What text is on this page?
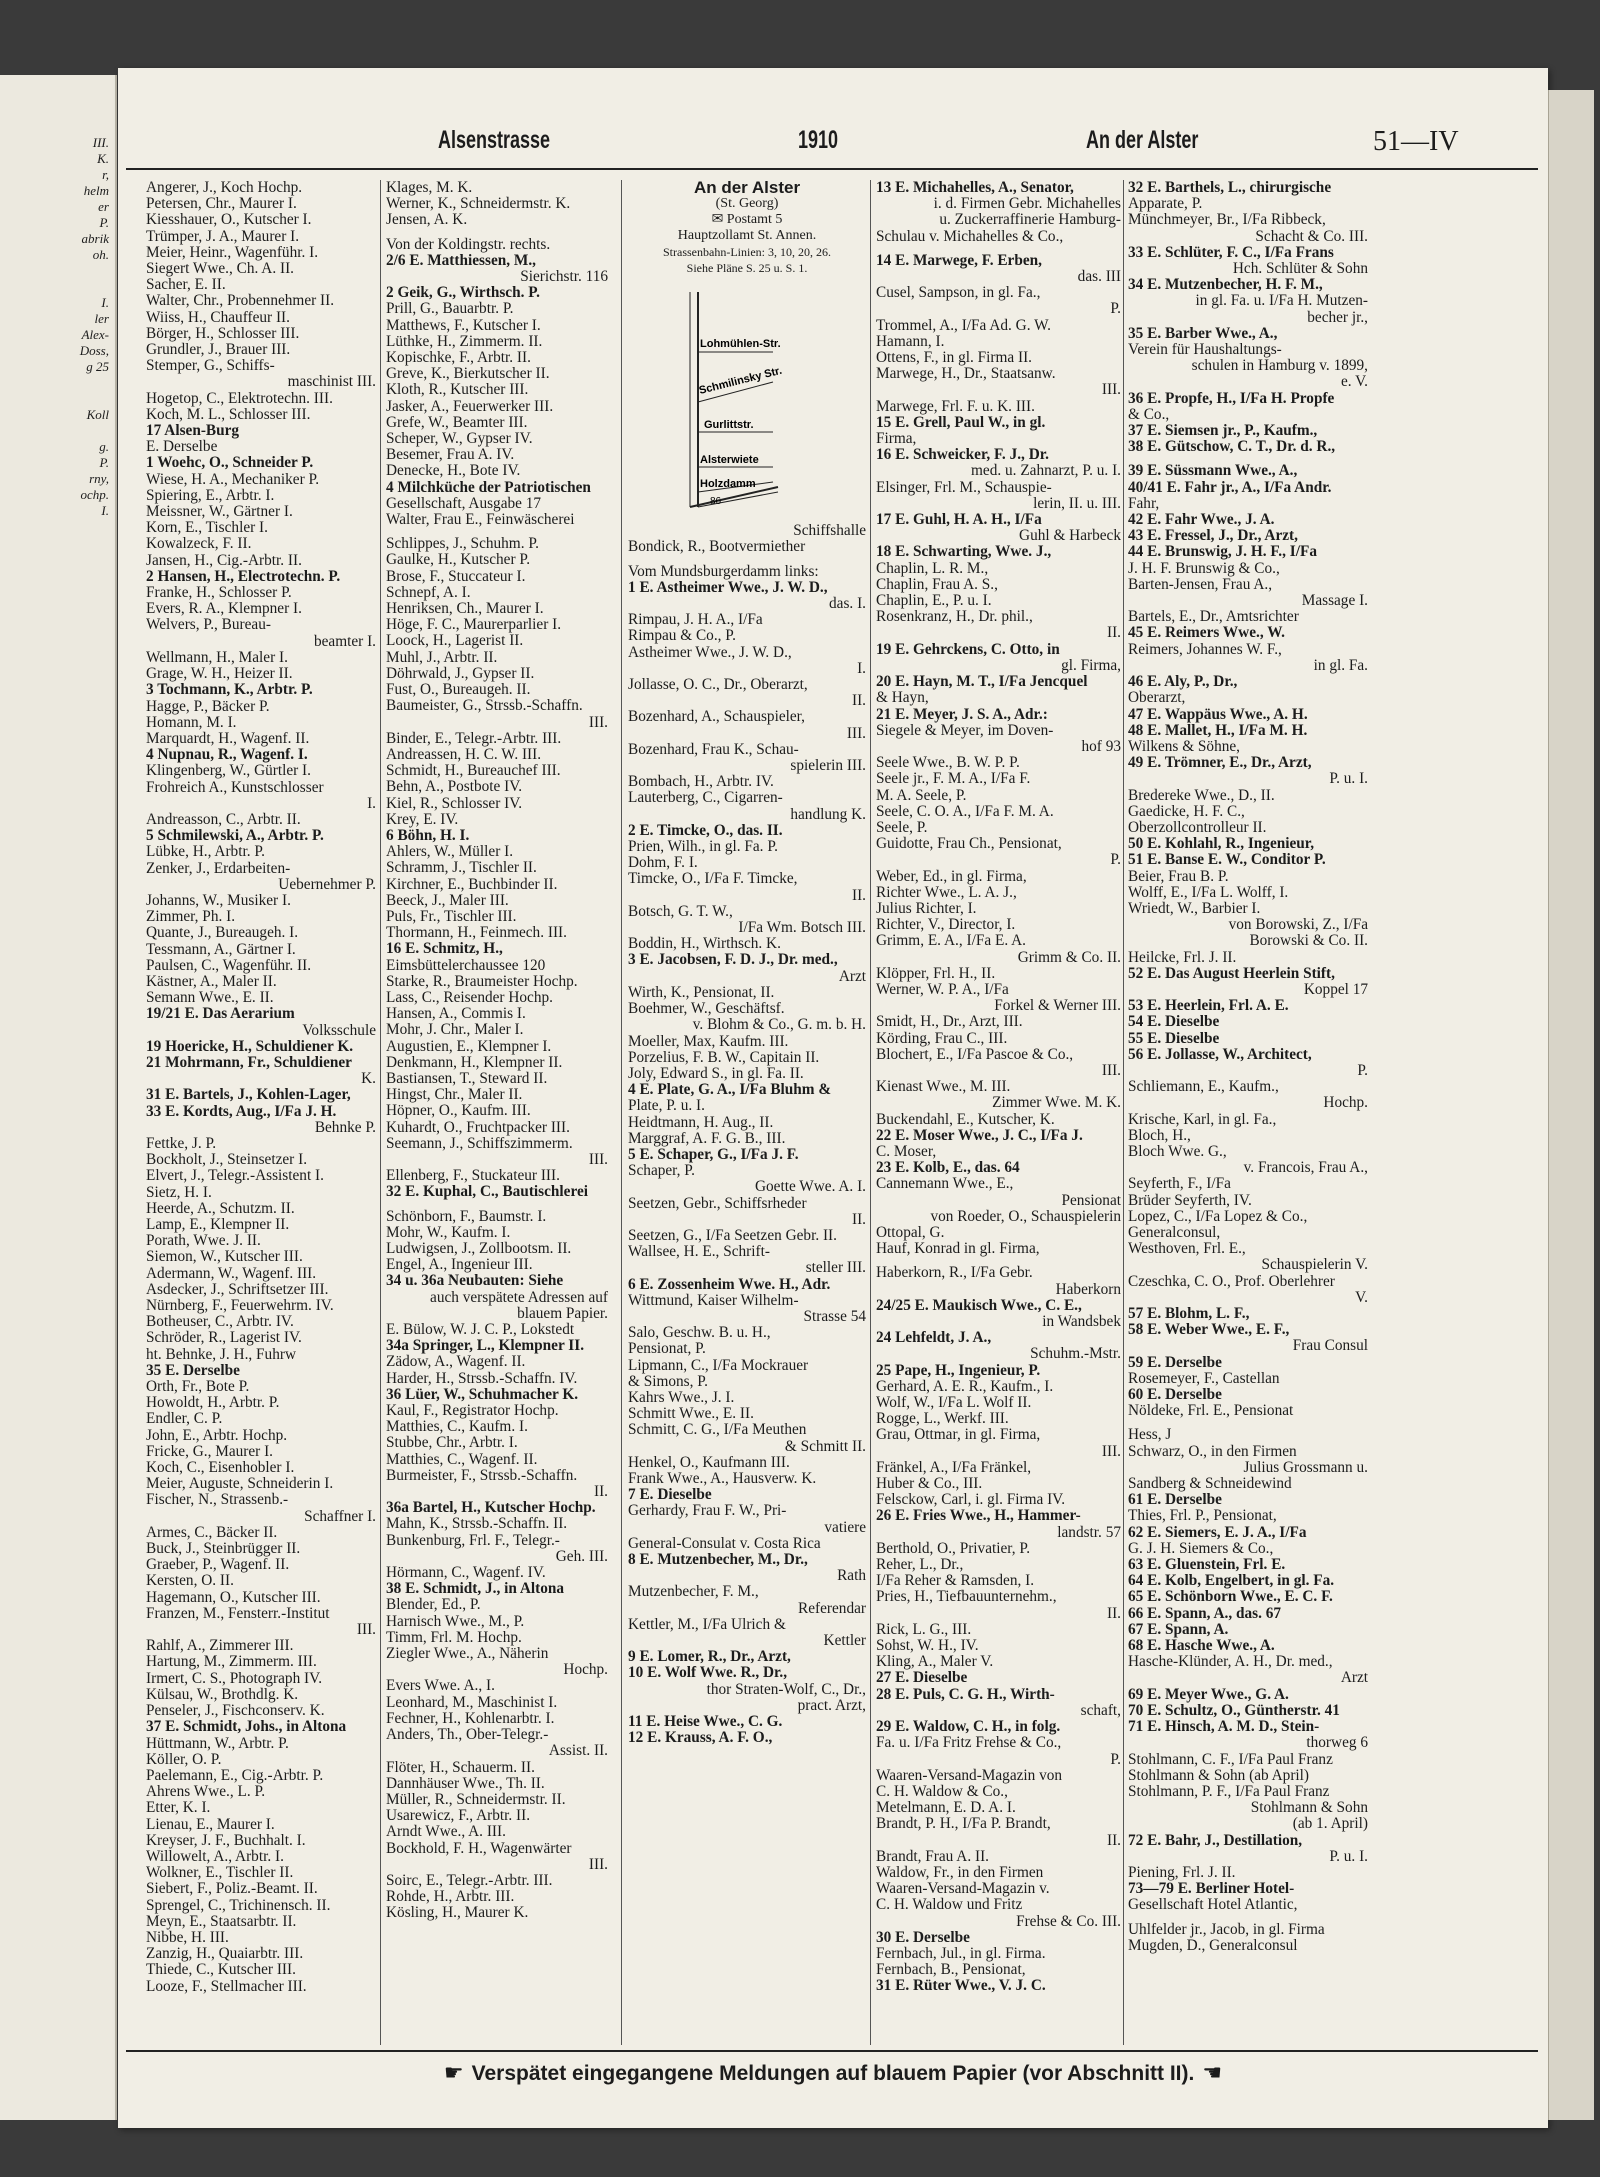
III.
K.
r,
helm
er
P.
abrik
oh.

I.
ler
Alex-
Doss,
g 25

Koll

g.
P.
rny,
ochp.
I.
Alsenstrasse	1910	An der Alster	51—IV
Angerer, J., Koch Hochp.
Petersen, Chr., Maurer I.
Kiesshauer, O., Kutscher I.
Trümper, J. A., Maurer I.
Meier, Heinr., Wagenführ. I.
Siegert Wwe., Ch. A. II.
Sacher, E. II.
Walter, Chr., Probennehmer II.
Wiiss, H., Chauffeur II.
Börger, H., Schlosser III.
Grundler, J., Brauer III.
Stemper, G., Schiffs-
maschinist III.
Hogetop, C., Elektrotechn. III.
Koch, M. L., Schlosser III.
17 Alsen-Burg
E. Derselbe
1 Woehc, O., Schneider P.
Wiese, H. A., Mechaniker P.
Spiering, E., Arbtr. I.
Meissner, W., Gärtner I.
Korn, E., Tischler I.
Kowalzeck, F. II.
Jansen, H., Cig.-Arbtr. II.
2 Hansen, H., Electrotechn. P.
Franke, H., Schlosser P.
Evers, R. A., Klempner I.
Welvers, P., Bureau-
beamter I.
Wellmann, H., Maler I.
Grage, W. H., Heizer II.
3 Tochmann, K., Arbtr. P.
Hagge, P., Bäcker P.
Homann, M. I.
Marquardt, H., Wagenf. II.
4 Nupnau, R., Wagenf. I.
Klingenberg, W., Gürtler I.
Frohreich A., Kunstschlosser
I.
Andreasson, C., Arbtr. II.
5 Schmilewski, A., Arbtr. P.
Lübke, H., Arbtr. P.
Zenker, J., Erdarbeiten-
Uebernehmer P.
Johanns, W., Musiker I.
Zimmer, Ph. I.
Quante, J., Bureaugeh. I.
Tessmann, A., Gärtner I.
Paulsen, C., Wagenführ. II.
Kästner, A., Maler II.
Semann Wwe., E. II.
19/21 E. Das Aerarium
Volksschule
19 Hoericke, H., Schuldiener K.
21 Mohrmann, Fr., Schuldiener
K.
31 E. Bartels, J., Kohlen-Lager,
33 E. Kordts, Aug., I/Fa J. H.
Behnke P.
Fettke, J. P.
Bockholt, J., Steinsetzer I.
Elvert, J., Telegr.-Assistent I.
Sietz, H. I.
Heerde, A., Schutzm. II.
Lamp, E., Klempner II.
Porath, Wwe. J. II.
Siemon, W., Kutscher III.
Adermann, W., Wagenf. III.
Asdecker, J., Schriftsetzer III.
Nürnberg, F., Feuerwehrm. IV.
Botheuser, C., Arbtr. IV.
Schröder, R., Lagerist IV.
ht. Behnke, J. H., Fuhrw
35 E. Derselbe
Orth, Fr., Bote P.
Howoldt, H., Arbtr. P.
Endler, C. P.
John, E., Arbtr. Hochp.
Fricke, G., Maurer I.
Koch, C., Eisenhobler I.
Meier, Auguste, Schneiderin I.
Fischer, N., Strassenb.-
Schaffner I.
Armes, C., Bäcker II.
Buck, J., Steinbrügger II.
Graeber, P., Wagenf. II.
Kersten, O. II.
Hagemann, O., Kutscher III.
Franzen, M., Fensterr.-Institut
III.
Rahlf, A., Zimmerer III.
Hartung, M., Zimmerm. III.
Irmert, C. S., Photograph IV.
Külsau, W., Brothdlg. K.
Penseler, J., Fischconserv. K.
37 E. Schmidt, Johs., in Altona
Hüttmann, W., Arbtr. P.
Köller, O. P.
Paelemann, E., Cig.-Arbtr. P.
Ahrens Wwe., L. P.
Etter, K. I.
Lienau, E., Maurer I.
Kreyser, J. F., Buchhalt. I.
Willowelt, A., Arbtr. I.
Wolkner, E., Tischler II.
Siebert, F., Poliz.-Beamt. II.
Sprengel, C., Trichinensch. II.
Meyn, E., Staatsarbtr. II.
Nibbe, H. III.
Zanzig, H., Quaiarbtr. III.
Thiede, C., Kutscher III.
Looze, F., Stellmacher III.
Klages, M. K.
Werner, K., Schneidermstr. K.
Jensen, A. K.
Von der Koldingstr. rechts.
2/6 E. Matthiessen, M.,
Sierichstr. 116
2 Geik, G., Wirthsch. P.
Prill, G., Bauarbtr. P.
Matthews, F., Kutscher I.
Lüthke, H., Zimmerm. II.
Kopischke, F., Arbtr. II.
Greve, K., Bierkutscher II.
Kloth, R., Kutscher III.
Jasker, A., Feuerwerker III.
Grefe, W., Beamter III.
Scheper, W., Gypser IV.
Besemer, Frau A. IV.
Denecke, H., Bote IV.
4 Milchküche der Patriotischen
Gesellschaft, Ausgabe 17
Walter, Frau E., Feinwäscherei
Schlippes, J., Schuhm. P.
Gaulke, H., Kutscher P.
Brose, F., Stuccateur I.
Schnepf, A. I.
Henriksen, Ch., Maurer I.
Höge, F. C., Maurerparlier I.
Loock, H., Lagerist II.
Muhl, J., Arbtr. II.
Döhrwald, J., Gypser II.
Fust, O., Bureaugeh. II.
Baumeister, G., Strssb.-Schaffn.
III.
Binder, E., Telegr.-Arbtr. III.
Andreassen, H. C. W. III.
Schmidt, H., Bureauchef III.
Behn, A., Postbote IV.
Kiel, R., Schlosser IV.
Krey, E. IV.
6 Böhn, H. I.
Ahlers, W., Müller I.
Schramm, J., Tischler II.
Kirchner, E., Buchbinder II.
Beeck, J., Maler III.
Puls, Fr., Tischler III.
Thormann, H., Feinmech. III.
16 E. Schmitz, H.,
Eimsbüttelerchaussee 120
Starke, R., Braumeister Hochp.
Lass, C., Reisender Hochp.
Hansen, A., Commis I.
Mohr, J. Chr., Maler I.
Augustien, E., Klempner I.
Denkmann, H., Klempner II.
Bastiansen, T., Steward II.
Hingst, Chr., Maler II.
Höpner, O., Kaufm. III.
Kuhardt, O., Fruchtpacker III.
Seemann, J., Schiffszimmerm.
III.
Ellenberg, F., Stuckateur III.
32 E. Kuphal, C., Bautischlerei
Schönborn, F., Baumstr. I.
Mohr, W., Kaufm. I.
Ludwigsen, J., Zollbootsm. II.
Engel, A., Ingenieur III.
34 u. 36a Neubauten: Siehe
auch verspätete Adressen auf
blauem Papier.
E. Bülow, W. J. C. P., Lokstedt
34a Springer, L., Klempner II.
Zädow, A., Wagenf. II.
Harder, H., Strssb.-Schaffn. IV.
36 Lüer, W., Schuhmacher K.
Kaul, F., Registrator Hochp.
Matthies, C., Kaufm. I.
Stubbe, Chr., Arbtr. I.
Matthies, C., Wagenf. II.
Burmeister, F., Strssb.-Schaffn.
II.
36a Bartel, H., Kutscher Hochp.
Mahn, K., Strssb.-Schaffn. II.
Bunkenburg, Frl. F., Telegr.-
Geh. III.
Hörmann, C., Wagenf. IV.
38 E. Schmidt, J., in Altona
Blender, Ed., P.
Harnisch Wwe., M., P.
Timm, Frl. M. Hochp.
Ziegler Wwe., A., Näherin
Hochp.
Evers Wwe. A., I.
Leonhard, M., Maschinist I.
Fechner, H., Kohlenarbtr. I.
Anders, Th., Ober-Telegr.-
Assist. II.
Flöter, H., Schauerm. II.
Dannhäuser Wwe., Th. II.
Müller, R., Schneidermstr. II.
Usarewicz, F., Arbtr. II.
Arndt Wwe., A. III.
Bockhold, F. H., Wagenwärter
III.
Soirc, E., Telegr.-Arbtr. III.
Rohde, H., Arbtr. III.
Kösling, H., Maurer K.
An der Alster
(St. Georg)
✉ Postamt 5
Hauptzollamt St. Annen.
Strassenbahn-Linien: 3, 10, 20, 26.
Siehe Pläne S. 25 u. S. 1.
Lohmühlen-Str.
Schmilinsky Str.
Gurlittstr.
Alsterwiete
Holzdamm
86
Schiffshalle
Bondick, R., Bootvermiether
Vom Mundsburgerdamm links:
1 E. Astheimer Wwe., J. W. D.,
das. I.
Rimpau, J. H. A., I/Fa
Rimpau & Co., P.
Astheimer Wwe., J. W. D.,
I.
Jollasse, O. C., Dr., Oberarzt,
II.
Bozenhard, A., Schauspieler,
III.
Bozenhard, Frau K., Schau-
spielerin III.
Bombach, H., Arbtr. IV.
Lauterberg, C., Cigarren-
handlung K.
2 E. Timcke, O., das. II.
Prien, Wilh., in gl. Fa. P.
Dohm, F. I.
Timcke, O., I/Fa F. Timcke,
II.
Botsch, G. T. W.,
I/Fa Wm. Botsch III.
Boddin, H., Wirthsch. K.
3 E. Jacobsen, F. D. J., Dr. med.,
Arzt
Wirth, K., Pensionat, II.
Boehmer, W., Geschäftsf.
v. Blohm & Co., G. m. b. H.
Moeller, Max, Kaufm. III.
Porzelius, F. B. W., Capitain II.
Joly, Edward S., in gl. Fa. II.
4 E. Plate, G. A., I/Fa Bluhm &
Plate, P. u. I.
Heidtmann, H. Aug., II.
Marggraf, A. F. G. B., III.
5 E. Schaper, G., I/Fa J. F.
Schaper, P.
Goette Wwe. A. I.
Seetzen, Gebr., Schiffsrheder
II.
Seetzen, G., I/Fa Seetzen Gebr. II.
Wallsee, H. E., Schrift-
steller III.
6 E. Zossenheim Wwe. H., Adr.
Wittmund, Kaiser Wilhelm-
Strasse 54
Salo, Geschw. B. u. H.,
Pensionat, P.
Lipmann, C., I/Fa Mockrauer
& Simons, P.
Kahrs Wwe., J. I.
Schmitt Wwe., E. II.
Schmitt, C. G., I/Fa Meuthen
& Schmitt II.
Henkel, O., Kaufmann III.
Frank Wwe., A., Hausverw. K.
7 E. Dieselbe
Gerhardy, Frau F. W., Pri-
vatiere
General-Consulat v. Costa Rica
8 E. Mutzenbecher, M., Dr.,
Rath
Mutzenbecher, F. M.,
Referendar
Kettler, M., I/Fa Ulrich &
Kettler
9 E. Lomer, R., Dr., Arzt,
10 E. Wolf Wwe. R., Dr.,
thor Straten-Wolf, C., Dr.,
pract. Arzt,
11 E. Heise Wwe., C. G.
12 E. Krauss, A. F. O.,
13 E. Michahelles, A., Senator,
i. d. Firmen Gebr. Michahelles
u. Zuckerraffinerie Hamburg-
Schulau v. Michahelles & Co.,
14 E. Marwege, F. Erben,
das. III
Cusel, Sampson, in gl. Fa.,
P.
Trommel, A., I/Fa Ad. G. W.
Hamann, I.
Ottens, F., in gl. Firma II.
Marwege, H., Dr., Staatsanw.
III.
Marwege, Frl. F. u. K. III.
15 E. Grell, Paul W., in gl.
Firma,
16 E. Schweicker, F. J., Dr.
med. u. Zahnarzt, P. u. I.
Elsinger, Frl. M., Schauspie-
lerin, II. u. III.
17 E. Guhl, H. A. H., I/Fa
Guhl & Harbeck
18 E. Schwarting, Wwe. J.,
Chaplin, L. R. M.,
Chaplin, Frau A. S.,
Chaplin, E., P. u. I.
Rosenkranz, H., Dr. phil.,
II.
19 E. Gehrckens, C. Otto, in
gl. Firma,
20 E. Hayn, M. T., I/Fa Jencquel
& Hayn,
21 E. Meyer, J. S. A., Adr.:
Siegele & Meyer, im Doven-
hof 93
Seele Wwe., B. W. P. P.
Seele jr., F. M. A., I/Fa F.
M. A. Seele, P.
Seele, C. O. A., I/Fa F. M. A.
Seele, P.
Guidotte, Frau Ch., Pensionat,
P.
Weber, Ed., in gl. Firma,
Richter Wwe., L. A. J.,
Julius Richter, I.
Richter, V., Director, I.
Grimm, E. A., I/Fa E. A.
Grimm & Co. II.
Klöpper, Frl. H., II.
Werner, W. P. A., I/Fa
Forkel & Werner III.
Smidt, H., Dr., Arzt, III.
Körding, Frau C., III.
Blochert, E., I/Fa Pascoe & Co.,
III.
Kienast Wwe., M. III.
Zimmer Wwe. M. K.
Buckendahl, E., Kutscher, K.
22 E. Moser Wwe., J. C., I/Fa J.
C. Moser,
23 E. Kolb, E., das. 64
Cannemann Wwe., E.,
Pensionat
von Roeder, O., Schauspielerin
Ottopal, G.
Hauf, Konrad in gl. Firma,
Haberkorn, R., I/Fa Gebr.
Haberkorn
24/25 E. Maukisch Wwe., C. E.,
in Wandsbek
24 Lehfeldt, J. A.,
Schuhm.-Mstr.
25 Pape, H., Ingenieur, P.
Gerhard, A. E. R., Kaufm., I.
Wolf, W., I/Fa L. Wolf II.
Rogge, L., Werkf. III.
Grau, Ottmar, in gl. Firma,
III.
Fränkel, A., I/Fa Fränkel,
Huber & Co., III.
Felsckow, Carl, i. gl. Firma IV.
26 E. Fries Wwe., H., Hammer-
landstr. 57
Berthold, O., Privatier, P.
Reher, L., Dr.,
I/Fa Reher & Ramsden, I.
Pries, H., Tiefbauunternehm.,
II.
Rick, L. G., III.
Sohst, W. H., IV.
Kling, A., Maler V.
27 E. Dieselbe
28 E. Puls, C. G. H., Wirth-
schaft,
29 E. Waldow, C. H., in folg.
Fa. u. I/Fa Fritz Frehse & Co.,
P.
Waaren-Versand-Magazin von
C. H. Waldow & Co.,
Metelmann, E. D. A. I.
Brandt, P. H., I/Fa P. Brandt,
II.
Brandt, Frau A. II.
Waldow, Fr., in den Firmen
Waaren-Versand-Magazin v.
C. H. Waldow und Fritz
Frehse & Co. III.
30 E. Derselbe
Fernbach, Jul., in gl. Firma.
Fernbach, B., Pensionat,
31 E. Rüter Wwe., V. J. C.
32 E. Barthels, L., chirurgische
Apparate, P.
Münchmeyer, Br., I/Fa Ribbeck,
Schacht & Co. III.
33 E. Schlüter, F. C., I/Fa Frans
Hch. Schlüter & Sohn
34 E. Mutzenbecher, H. F. M.,
in gl. Fa. u. I/Fa H. Mutzen-
becher jr.,
35 E. Barber Wwe., A.,
Verein für Haushaltungs-
schulen in Hamburg v. 1899,
e. V.
36 E. Propfe, H., I/Fa H. Propfe
& Co.,
37 E. Siemsen jr., P., Kaufm.,
38 E. Gütschow, C. T., Dr. d. R.,
39 E. Süssmann Wwe., A.,
40/41 E. Fahr jr., A., I/Fa Andr.
Fahr,
42 E. Fahr Wwe., J. A.
43 E. Fressel, J., Dr., Arzt,
44 E. Brunswig, J. H. F., I/Fa
J. H. F. Brunswig & Co.,
Barten-Jensen, Frau A.,
Massage I.
Bartels, E., Dr., Amtsrichter
45 E. Reimers Wwe., W.
Reimers, Johannes W. F.,
in gl. Fa.
46 E. Aly, P., Dr.,
Oberarzt,
47 E. Wappäus Wwe., A. H.
48 E. Mallet, H., I/Fa M. H.
Wilkens & Söhne,
49 E. Trömner, E., Dr., Arzt,
P. u. I.
Bredereke Wwe., D., II.
Gaedicke, H. F. C.,
Oberzollcontrolleur II.
50 E. Kohlahl, R., Ingenieur,
51 E. Banse E. W., Conditor P.
Beier, Frau B. P.
Wolff, E., I/Fa L. Wolff, I.
Wriedt, W., Barbier I.
von Borowski, Z., I/Fa
Borowski & Co. II.
Heilcke, Frl. J. II.
52 E. Das August Heerlein Stift,
Koppel 17
53 E. Heerlein, Frl. A. E.
54 E. Dieselbe
55 E. Dieselbe
56 E. Jollasse, W., Architect,
P.
Schliemann, E., Kaufm.,
Hochp.
Krische, Karl, in gl. Fa.,
Bloch, H.,
Bloch Wwe. G.,
v. Francois, Frau A.,
Seyferth, F., I/Fa
Brüder Seyferth, IV.
Lopez, C., I/Fa Lopez & Co.,
Generalconsul,
Westhoven, Frl. E.,
Schauspielerin V.
Czeschka, C. O., Prof. Oberlehrer
V.
57 E. Blohm, L. F.,
58 E. Weber Wwe., E. F.,
Frau Consul
59 E. Derselbe
Rosemeyer, F., Castellan
60 E. Derselbe
Nöldeke, Frl. E., Pensionat
Hess, J
Schwarz, O., in den Firmen
Julius Grossmann u.
Sandberg & Schneidewind
61 E. Derselbe
Thies, Frl. P., Pensionat,
62 E. Siemers, E. J. A., I/Fa
G. J. H. Siemers & Co.,
63 E. Gluenstein, Frl. E.
64 E. Kolb, Engelbert, in gl. Fa.
65 E. Schönborn Wwe., E. C. F.
66 E. Spann, A., das. 67
67 E. Spann, A.
68 E. Hasche Wwe., A.
Hasche-Klünder, A. H., Dr. med.,
Arzt
69 E. Meyer Wwe., G. A.
70 E. Schultz, O., Güntherstr. 41
71 E. Hinsch, A. M. D., Stein-
thorweg 6
Stohlmann, C. F., I/Fa Paul Franz
Stohlmann & Sohn (ab April)
Stohlmann, P. F., I/Fa Paul Franz
Stohlmann & Sohn
(ab 1. April)
72 E. Bahr, J., Destillation,
P. u. I.
Piening, Frl. J. II.
73—79 E. Berliner Hotel-
Gesellschaft Hotel Atlantic,
Uhlfelder jr., Jacob, in gl. Firma
Mugden, D., Generalconsul
☛ Verspätet eingegangene Meldungen auf blauem Papier (vor Abschnitt II). ☚
